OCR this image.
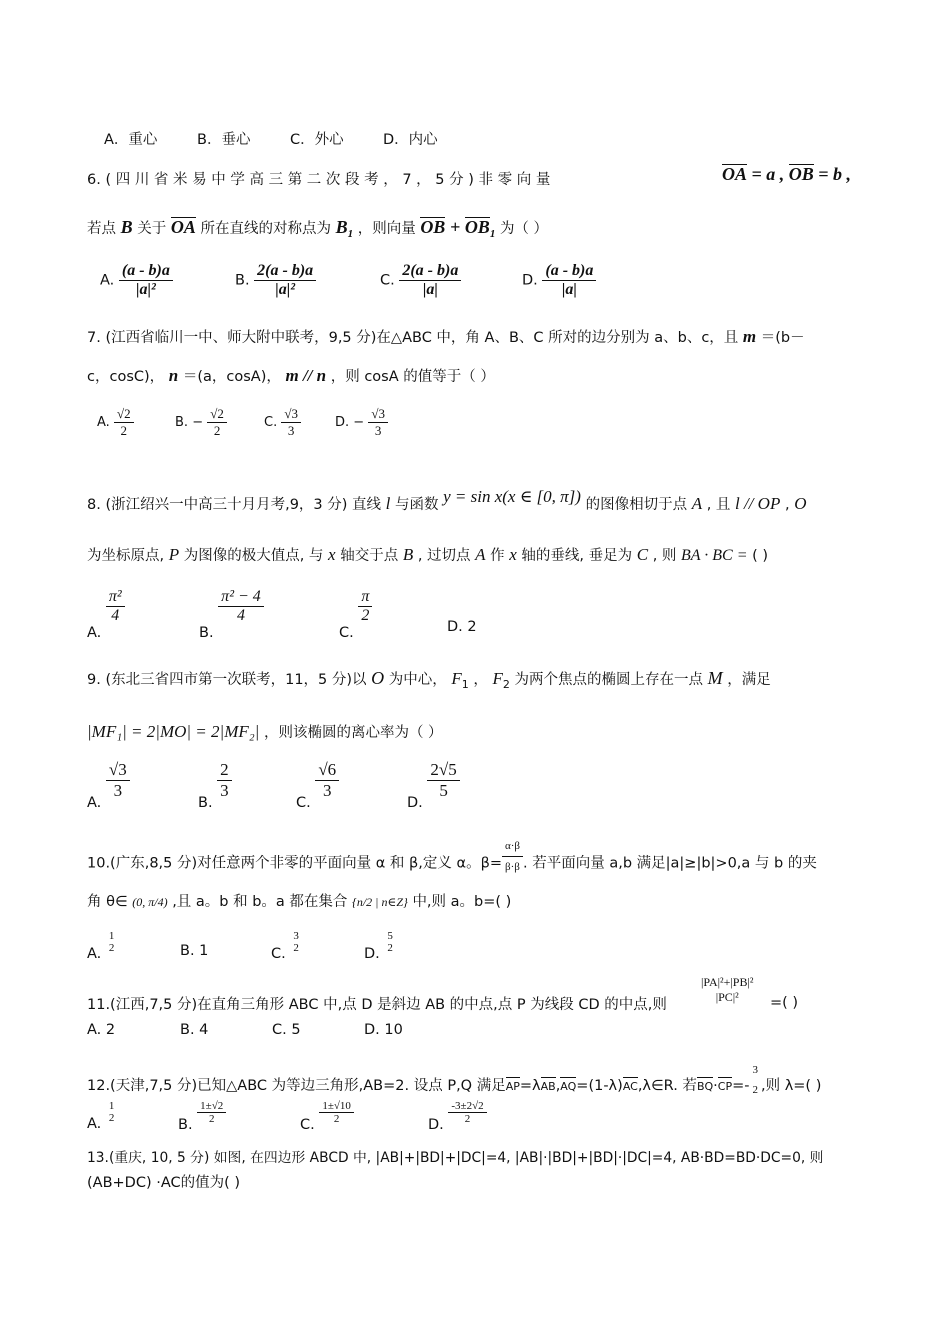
A．重心	B．垂心	C．外心	D．内心
6. ( 四 川 省 米 易 中 学 高 三 第 二 次 段 考 ， 7 ， 5 分 ) 非 零 向 量	OA = a , OB = b ,
若点 B 关于 OA 所在直线的对称点为 $B_1$ ，则向量 OB + $OB_1$ 为（ ）
A. $\frac{(a - b)a}{\text{|a|²}}$	B. $\frac{2(a - b)a}{\text{|a|²}}$	C. $\frac{2(a - b)a}{|a|}$	D. $\frac{(a - b)a}{|a|}$
7. (江西省临川一中、师大附中联考，9,5 分)在△ABC 中，角 A、B、C 所对的边分别为 a、b、c，且 m ＝(b－
c，cosC)， n ＝(a，cosA)， m // n ，则 cosA 的值等于（ ）
A. $\frac{√2}{2}$	B. − $\frac{√2}{2}$	C. $\frac{√3}{3}$	D. − $\frac{√3}{3}$
8. (浙江绍兴一中高三十月月考,9，3 分) 直线 l 与函数 y = sin x(x ∈ [0, π]) 的图像相切于点 A , 且 l // OP , O
为坐标原点, P 为图像的极大值点, 与 x 轴交于点 B , 过切点 A 作 x 轴的垂线, 垂足为 C , 则 BA · BC = ( )
A.
$\frac{\text{π²}}{4}$
B.
$\frac{\text{π² − 4}}{4}$
C.
$\frac{\pi}{2}$
D. 2
9. (东北三省四市第一次联考，11，5 分)以 O 为中心， $F_1$ ， $F_2$ 为两个焦点的椭圆上存在一点 M ，满足
|MF₁| = 2|MO| = 2|MF₂| ，则该椭圆的离心率为（ ）
A.
$\frac{√3}{3}$
B.
$\frac{2}{3}$
C.
$\frac{√6}{3}$
D.
$\frac{2√5}{5}$
10.(广东,8,5 分)对任意两个非零的平面向量 α 和 β,定义 α。$\beta= \frac{\alpha\cdot\beta}{\beta\cdot\beta}$ . 若平面向量 a,b 满足|a|≥|b|>0,a 与 b 的夹
角 θ∈ (0, π/4) ,且 a。b 和 b。a 都在集合 {n/2 | n∈Z} 中,则 a。b=( )
A.
1
2	B. 1	C.
3
2	D.
5
2
11.(江西,7,5 分)在直角三角形 ABC 中,点 D 是斜边 AB 的中点,点 P 为线段 CD 的中点,则
|PA|²+|PB|²
|PC|²	=( )
A. 2	B. 4	C. 5	D. 10
12.(天津,7,5 分)已知△ABC 为等边三角形,AB=2. 设点 P,Q 满足AP=λAB,AQ=(1-λ)AC,λ∈R. 若BQ·CP=-
3
2 ,则 λ=( )
A.
1
2	B. $\frac{1\pm√2}{2}$	C. $\frac{1\pm√10}{2}$	D. $\frac{-3\pm 2√2}{2}$
13.(重庆, 10, 5 分) 如图, 在四边形 ABCD 中, |AB|+|BD|+|DC|=4, |AB|·|BD|+|BD|·|DC|=4, AB·BD=BD·DC=0, 则
(AB+DC) ·AC的值为( )
